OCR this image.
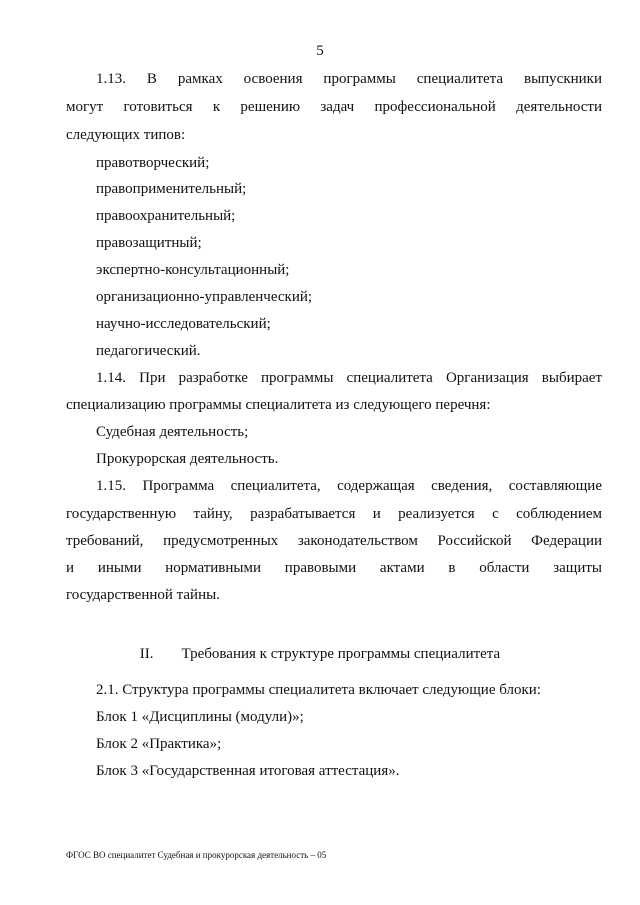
5
1.13. В рамках освоения программы специалитета выпускники
могут готовиться к решению задач профессиональной деятельности
следующих типов:
правотворческий;
правоприменительный;
правоохранительный;
правозащитный;
экспертно-консультационный;
организационно-управленческий;
научно-исследовательский;
педагогический.
1.14. При разработке программы специалитета Организация выбирает
специализацию программы специалитета из следующего перечня:
Судебная деятельность;
Прокурорская деятельность.
1.15. Программа специалитета, содержащая сведения, составляющие
государственную тайну, разрабатывается и реализуется с соблюдением
требований, предусмотренных законодательством Российской Федерации
и иными нормативными правовыми актами в области защиты
государственной тайны.
II. Требования к структуре программы специалитета
2.1. Структура программы специалитета включает следующие блоки:
Блок 1 «Дисциплины (модули)»;
Блок 2 «Практика»;
Блок 3 «Государственная итоговая аттестация».
ФГОС ВО специалитет Судебная и прокурорская деятельность – 05
